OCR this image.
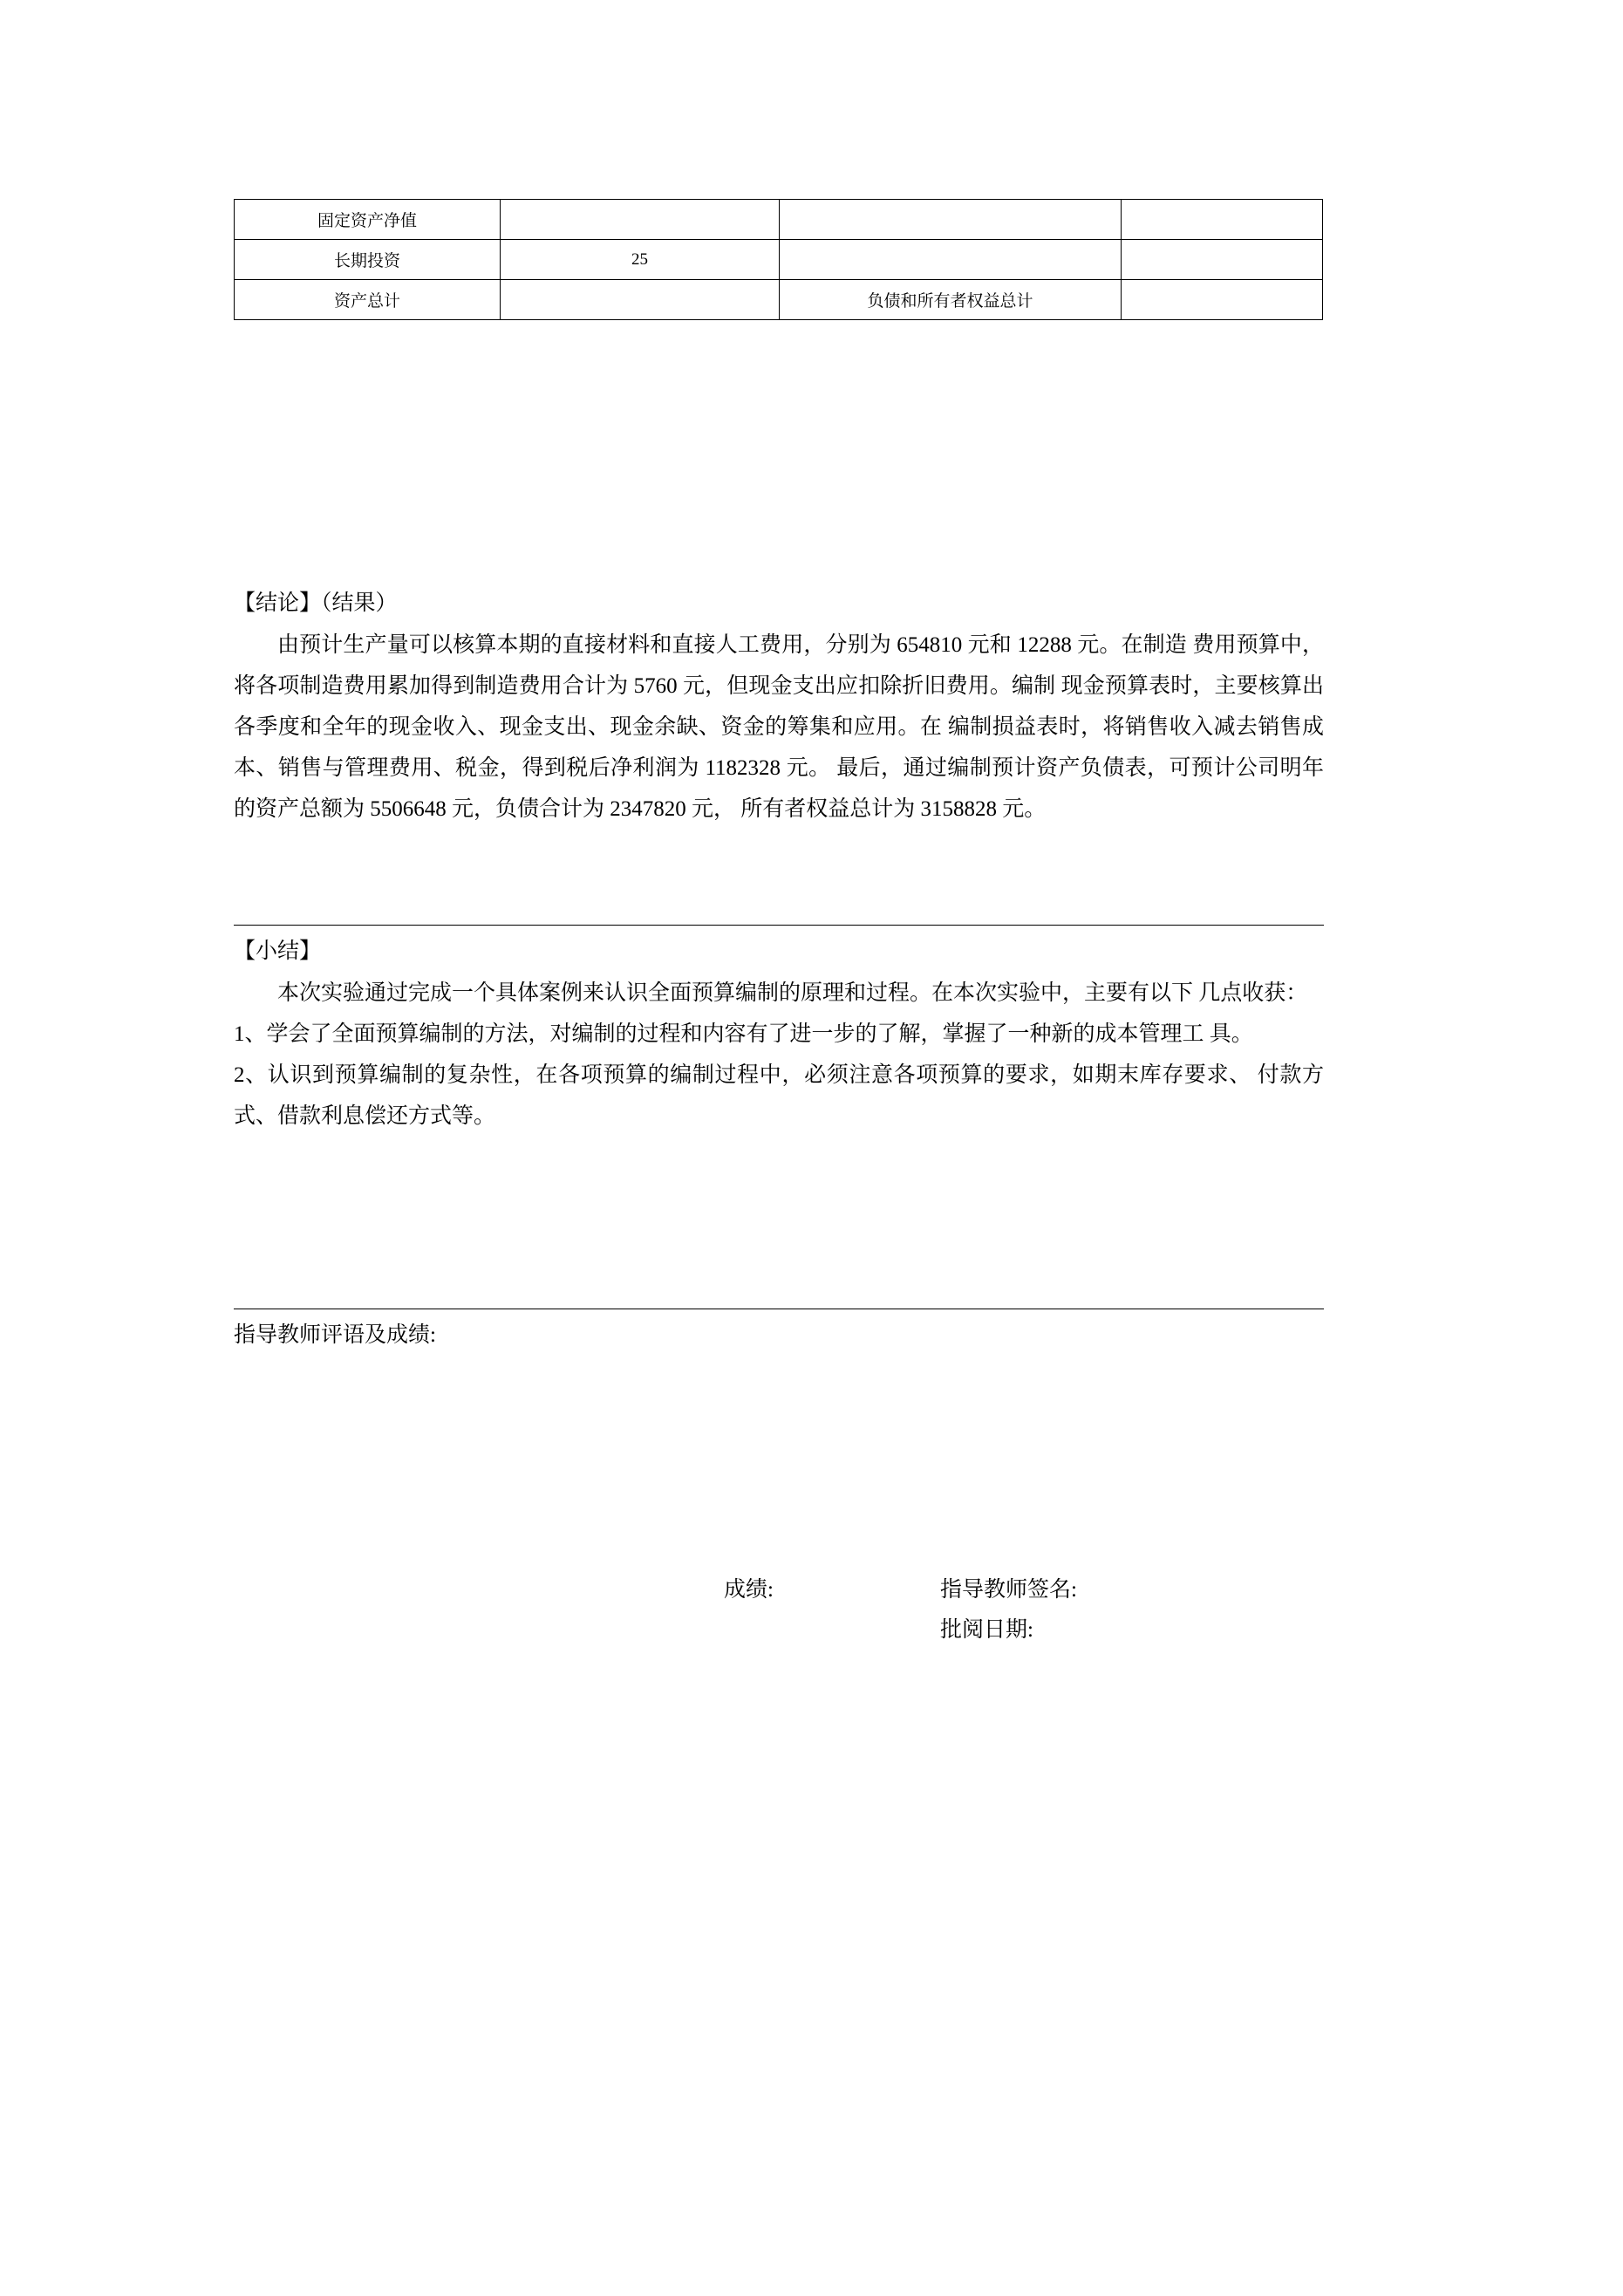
固定资产净值			
长期投资	25		
资产总计		负债和所有者权益总计	

【结论】（结果）

由预计生产量可以核算本期的直接材料和直接人工费用，分别为 654810 元和 12288 元。在制造 费用预算中，将各项制造费用累加得到制造费用合计为 5760 元，但现金支出应扣除折旧费用。编制 现金预算表时，主要核算出各季度和全年的现金收入、现金支出、现金余缺、资金的筹集和应用。在 编制损益表时，将销售收入减去销售成本、销售与管理费用、税金，得到税后净利润为 1182328 元。 最后，通过编制预计资产负债表，可预计公司明年的资产总额为 5506648 元，负债合计为 2347820 元， 所有者权益总计为 3158828 元。

【小结】

本次实验通过完成一个具体案例来认识全面预算编制的原理和过程。在本次实验中，主要有以下 几点收获：

1、学会了全面预算编制的方法，对编制的过程和内容有了进一步的了解，掌握了一种新的成本管理工 具。

2、认识到预算编制的复杂性，在各项预算的编制过程中，必须注意各项预算的要求，如期末库存要求、 付款方式、借款利息偿还方式等。

指导教师评语及成绩:

成绩:	指导教师签名:
批阅日期:
